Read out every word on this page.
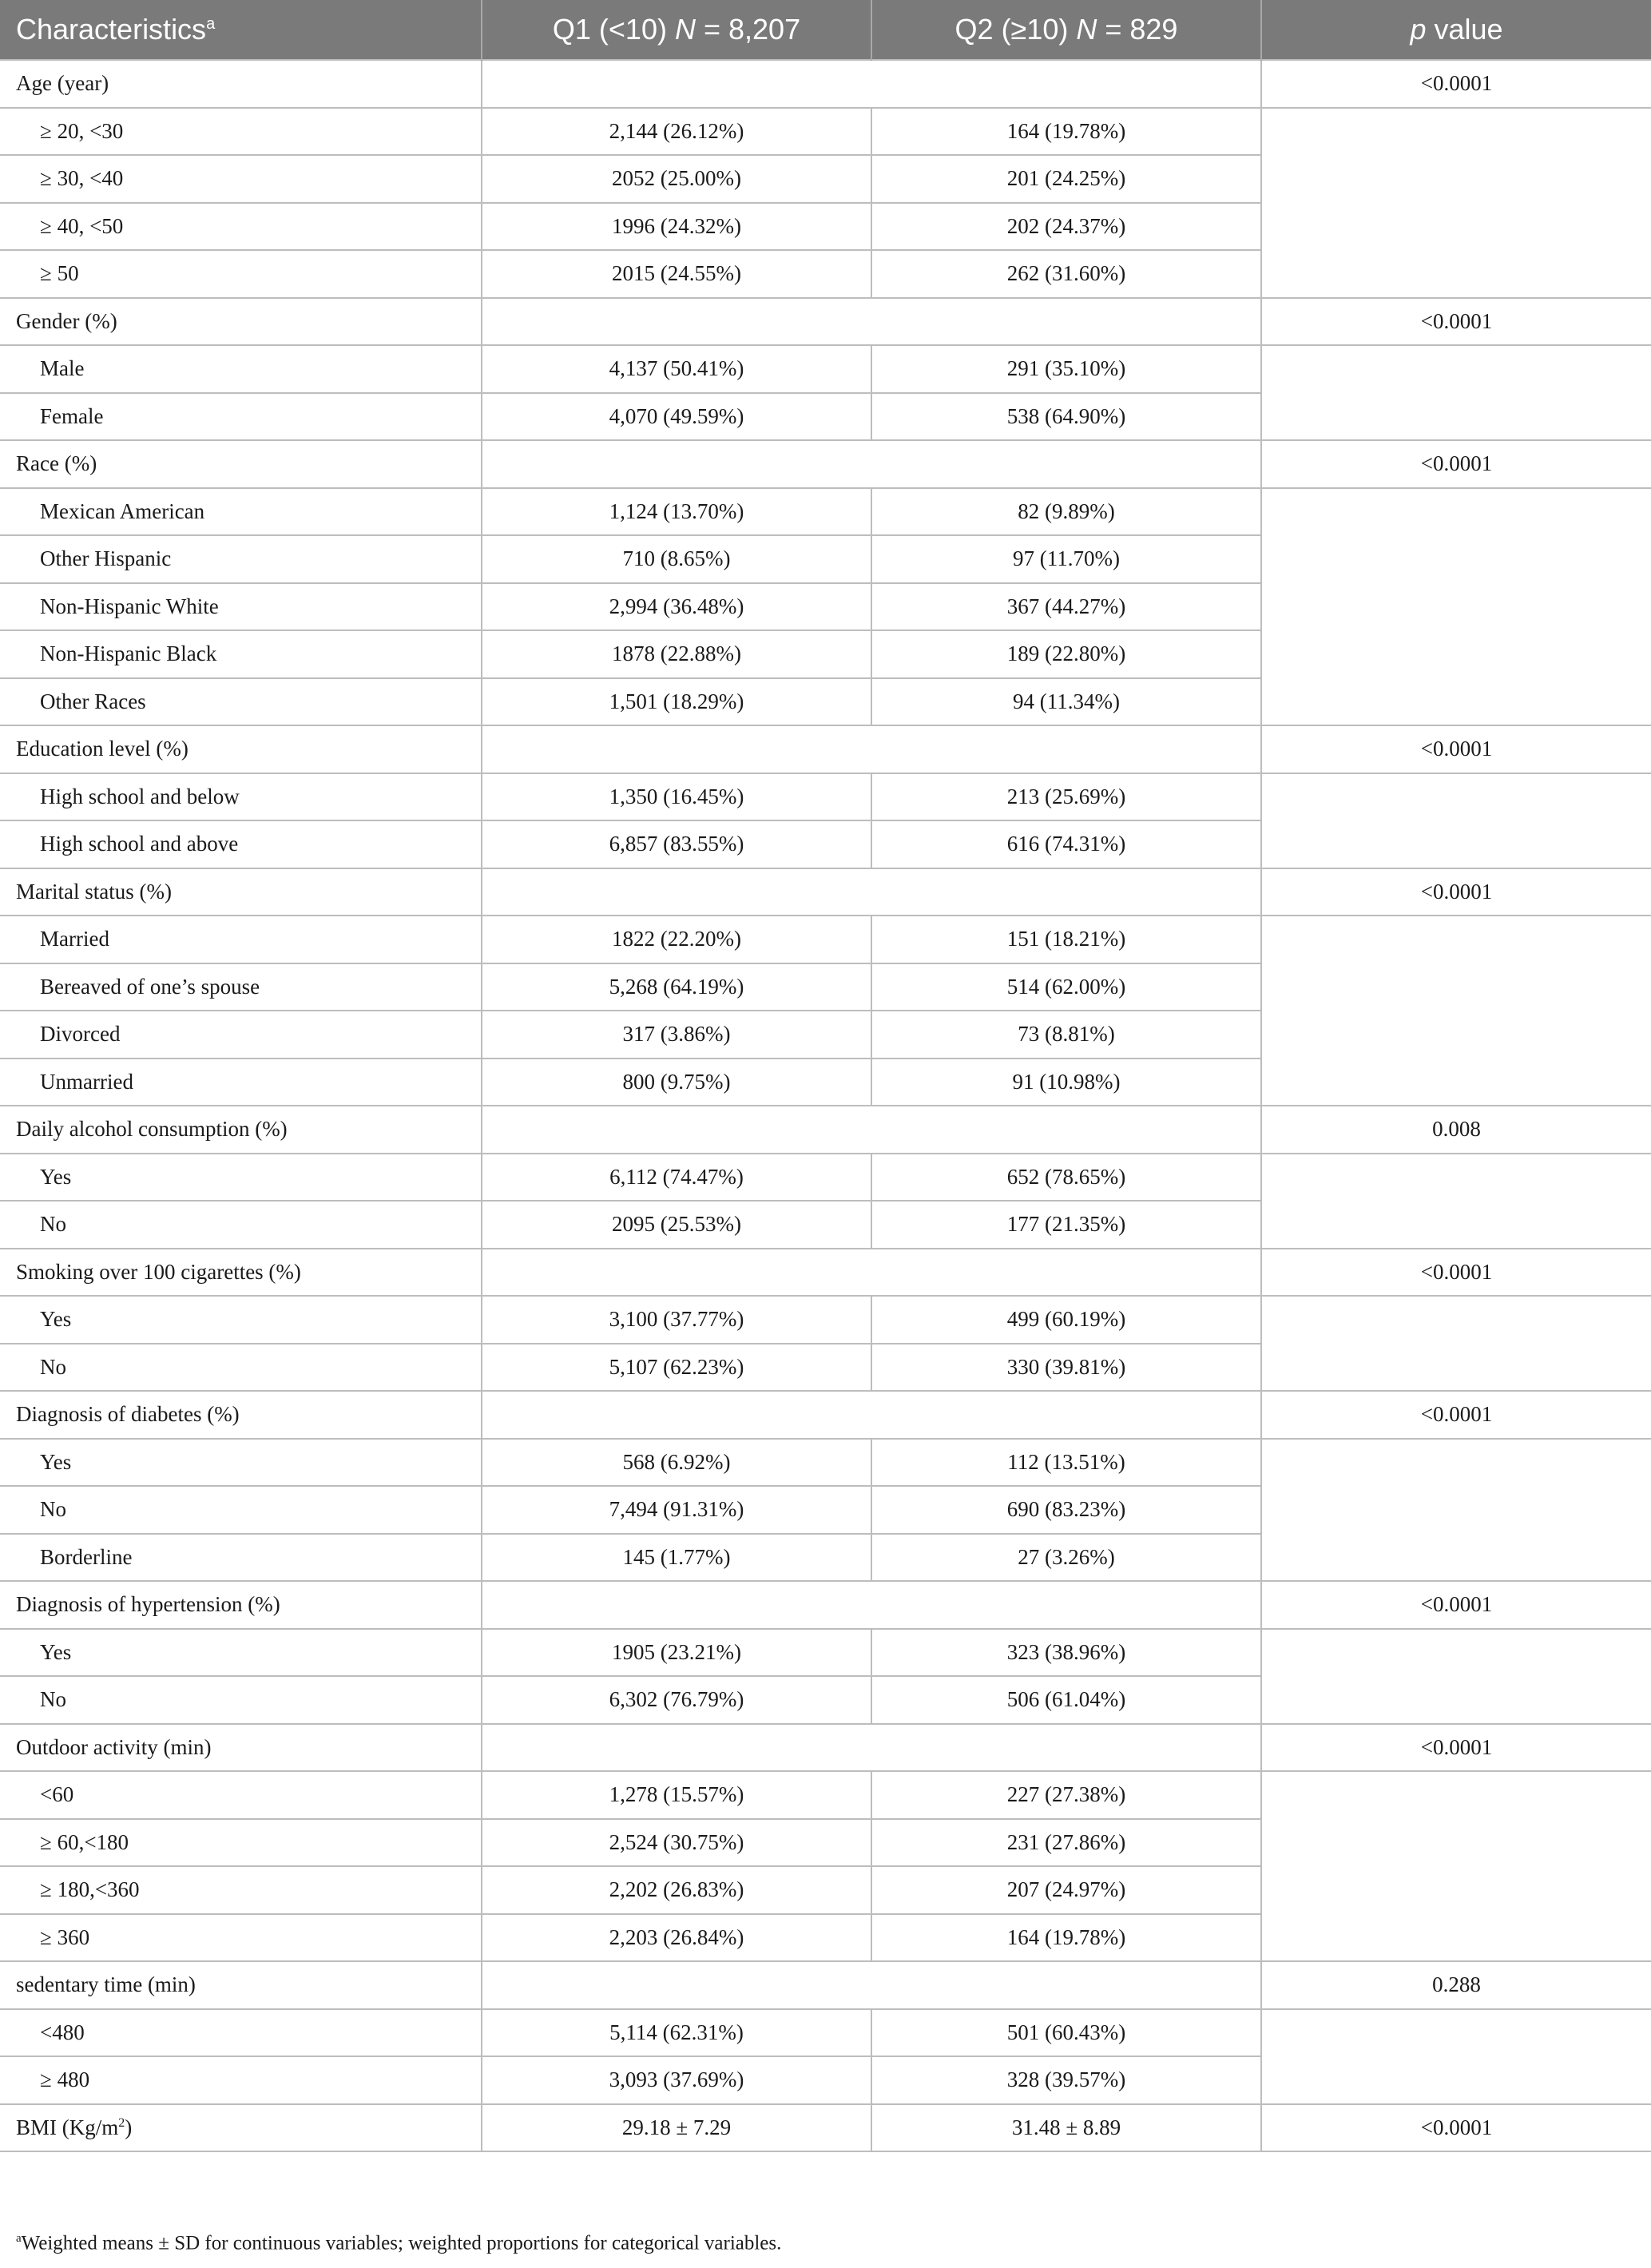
Characteristics$^a$	Q1 (<10) N = 8,207	Q2 (≥10) N = 829	p value
Age (year)			<0.0001
≥ 20, <30	2,144 (26.12%)	164 (19.78%)	
≥ 30, <40	2052 (25.00%)	201 (24.25%)	
≥ 40, <50	1996 (24.32%)	202 (24.37%)	
≥ 50	2015 (24.55%)	262 (31.60%)	
Gender (%)			<0.0001
Male	4,137 (50.41%)	291 (35.10%)	
Female	4,070 (49.59%)	538 (64.90%)	
Race (%)			<0.0001
Mexican American	1,124 (13.70%)	82 (9.89%)	
Other Hispanic	710 (8.65%)	97 (11.70%)	
Non-Hispanic White	2,994 (36.48%)	367 (44.27%)	
Non-Hispanic Black	1878 (22.88%)	189 (22.80%)	
Other Races	1,501 (18.29%)	94 (11.34%)	
Education level (%)			<0.0001
High school and below	1,350 (16.45%)	213 (25.69%)	
High school and above	6,857 (83.55%)	616 (74.31%)	
Marital status (%)			<0.0001
Married	1822 (22.20%)	151 (18.21%)	
Bereaved of one’s spouse	5,268 (64.19%)	514 (62.00%)	
Divorced	317 (3.86%)	73 (8.81%)	
Unmarried	800 (9.75%)	91 (10.98%)	
Daily alcohol consumption (%)			0.008
Yes	6,112 (74.47%)	652 (78.65%)	
No	2095 (25.53%)	177 (21.35%)	
Smoking over 100 cigarettes (%)			<0.0001
Yes	3,100 (37.77%)	499 (60.19%)	
No	5,107 (62.23%)	330 (39.81%)	
Diagnosis of diabetes (%)			<0.0001
Yes	568 (6.92%)	112 (13.51%)	
No	7,494 (91.31%)	690 (83.23%)	
Borderline	145 (1.77%)	27 (3.26%)	
Diagnosis of hypertension (%)			<0.0001
Yes	1905 (23.21%)	323 (38.96%)	
No	6,302 (76.79%)	506 (61.04%)	
Outdoor activity (min)			<0.0001
<60	1,278 (15.57%)	227 (27.38%)	
≥ 60,<180	2,524 (30.75%)	231 (27.86%)	
≥ 180,<360	2,202 (26.83%)	207 (24.97%)	
≥ 360	2,203 (26.84%)	164 (19.78%)	
sedentary time (min)			0.288
<480	5,114 (62.31%)	501 (60.43%)	
≥ 480	3,093 (37.69%)	328 (39.57%)	
BMI $(Kg/m^2)$	29.18 ± 7.29	31.48 ± 8.89	<0.0001
$^a$Weighted means ± SD for continuous variables; weighted proportions for categorical variables.
